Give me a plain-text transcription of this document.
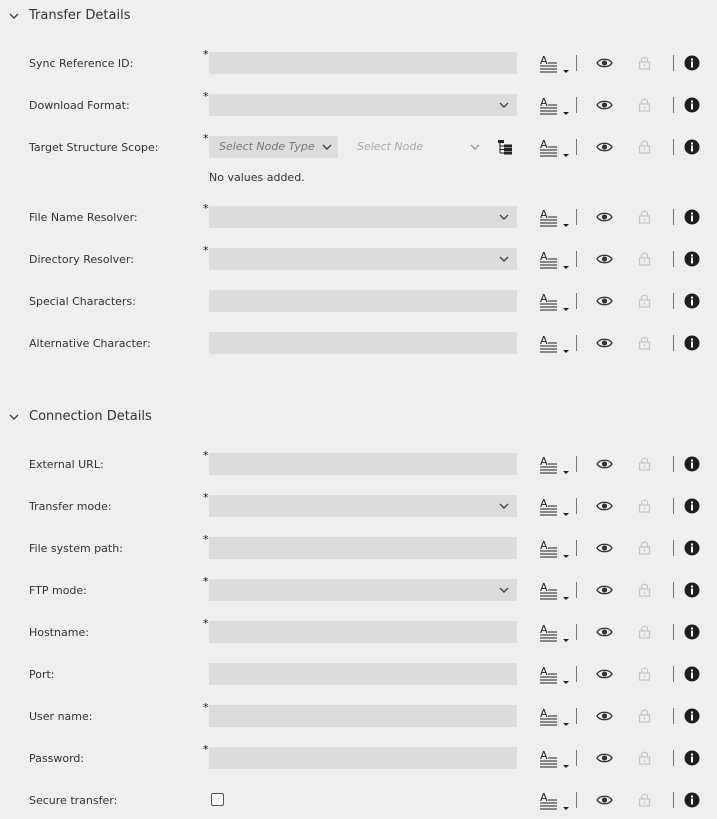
Transfer Details
Sync Reference ID:
*
Download Format:
*
Target Structure Scope:
*
Select Node Type	Select Node
No values added.
File Name Resolver:
*
Directory Resolver:
*
Special Characters:
Alternative Character:
Connection Details
External URL:
*
Transfer mode:
*
File system path:
*
FTP mode:
*
Hostname:
*
Port:
User name:
*
Password:
*
Secure transfer:
